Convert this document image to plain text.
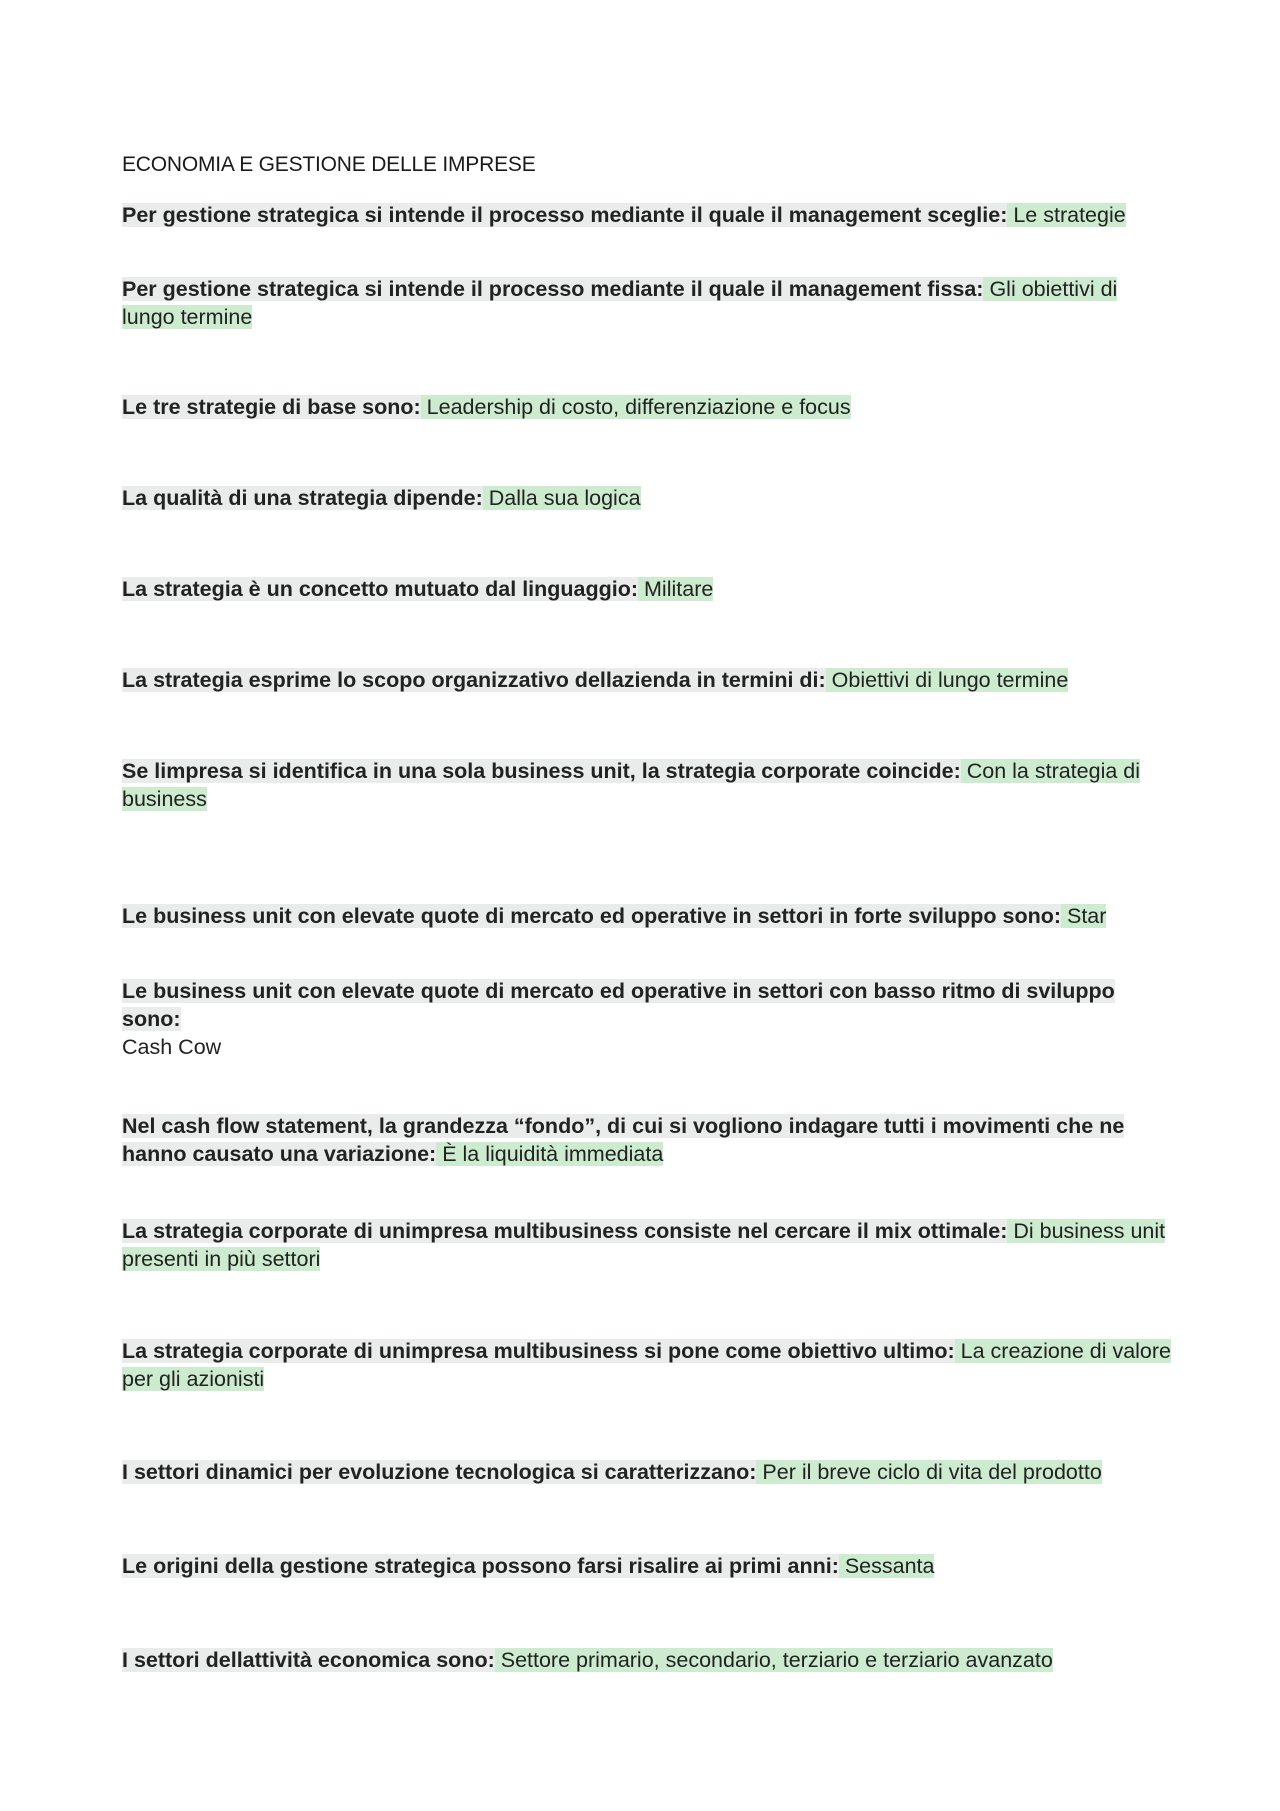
ECONOMIA E GESTIONE DELLE IMPRESE
Per gestione strategica si intende il processo mediante il quale il management sceglie: Le strategie
Per gestione strategica si intende il processo mediante il quale il management fissa: Gli obiettivi di lungo termine
Le tre strategie di base sono: Leadership di costo, differenziazione e focus
La qualità di una strategia dipende: Dalla sua logica
La strategia è un concetto mutuato dal linguaggio: Militare
La strategia esprime lo scopo organizzativo dellazienda in termini di: Obiettivi di lungo termine
Se limpresa si identifica in una sola business unit, la strategia corporate coincide: Con la strategia di business
Le business unit con elevate quote di mercato ed operative in settori in forte sviluppo sono: Star
Le business unit con elevate quote di mercato ed operative in settori con basso ritmo di sviluppo sono:
Cash Cow
Nel cash flow statement, la grandezza “fondo”, di cui si vogliono indagare tutti i movimenti che ne hanno causato una variazione: È la liquidità immediata
La strategia corporate di unimpresa multibusiness consiste nel cercare il mix ottimale: Di business unit presenti in più settori
La strategia corporate di unimpresa multibusiness si pone come obiettivo ultimo: La creazione di valore per gli azionisti
I settori dinamici per evoluzione tecnologica si caratterizzano: Per il breve ciclo di vita del prodotto
Le origini della gestione strategica possono farsi risalire ai primi anni: Sessanta
I settori dellattività economica sono: Settore primario, secondario, terziario e terziario avanzato
